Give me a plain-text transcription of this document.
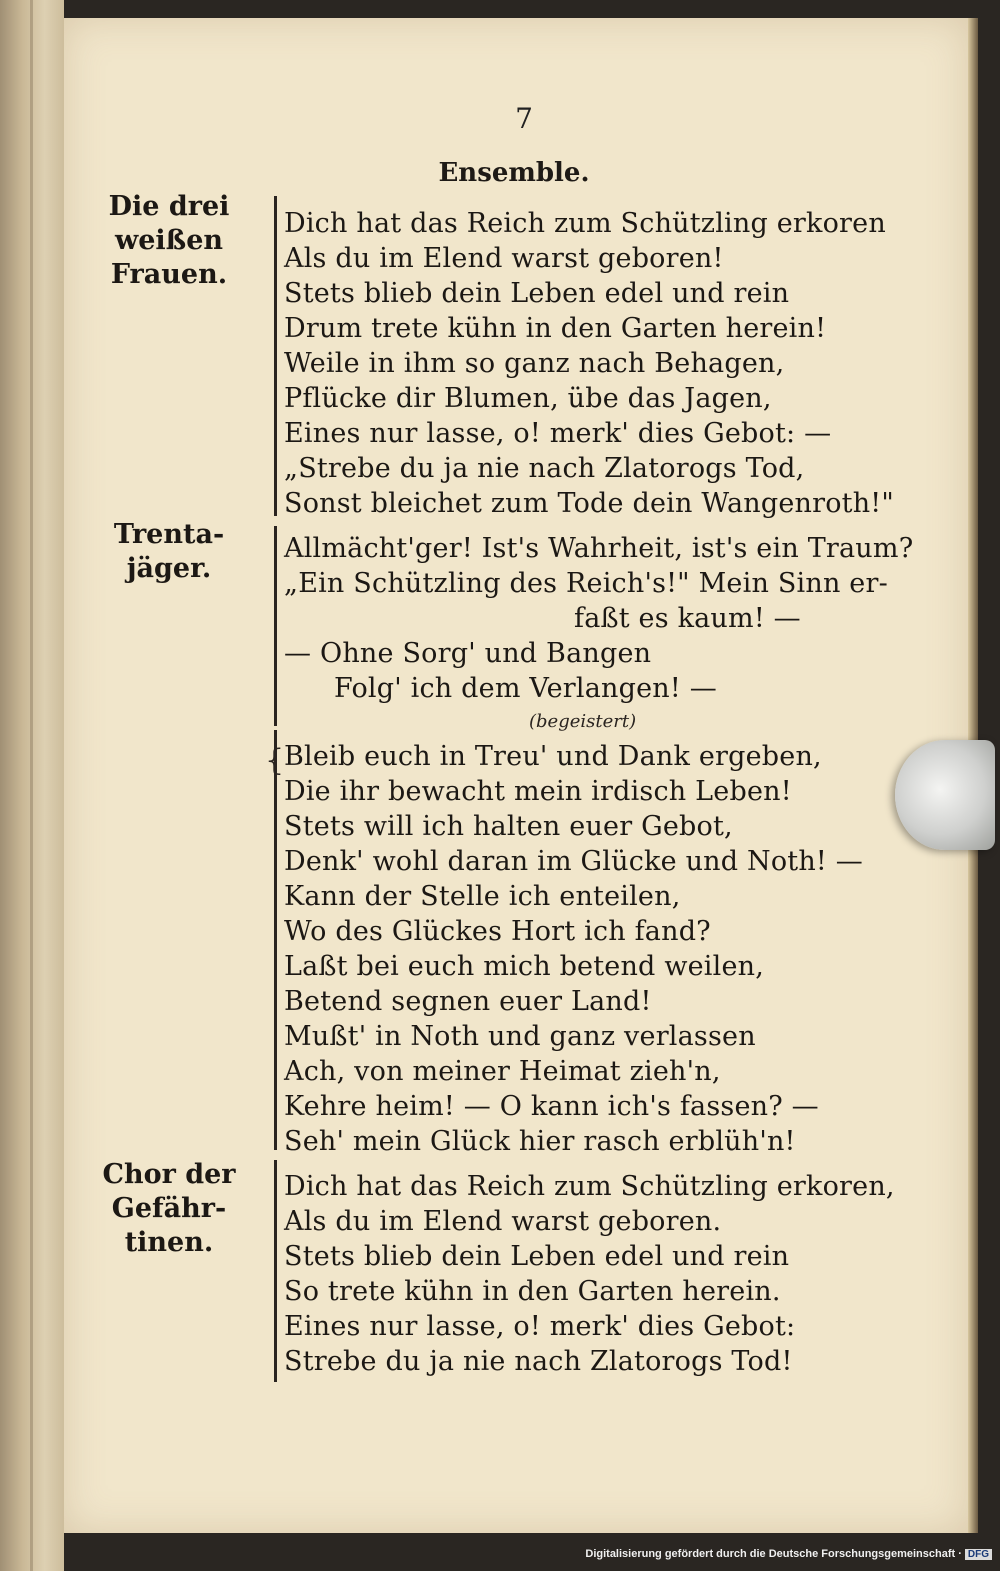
7
Ensemble.
Die drei
weißen
Frauen.
Trenta-
jäger.
Chor der
Gefähr-
tinen.
{
Dich hat das Reich zum Schützling erkoren
Als du im Elend warst geboren!
Stets blieb dein Leben edel und rein
Drum trete kühn in den Garten herein!
Weile in ihm so ganz nach Behagen,
Pflücke dir Blumen, übe das Jagen,
Eines nur lasse, o! merk' dies Gebot: —
„Strebe du ja nie nach Zlatorogs Tod,
Sonst bleichet zum Tode dein Wangenroth!"
Allmächt'ger! Ist's Wahrheit, ist's ein Traum?
„Ein Schützling des Reich's!" Mein Sinn er-
faßt es kaum! —
— Ohne Sorg' und Bangen
Folg' ich dem Verlangen! —
(begeistert)
Bleib euch in Treu' und Dank ergeben,
Die ihr bewacht mein irdisch Leben!
Stets will ich halten euer Gebot,
Denk' wohl daran im Glücke und Noth! —
Kann der Stelle ich enteilen,
Wo des Glückes Hort ich fand?
Laßt bei euch mich betend weilen,
Betend segnen euer Land!
Mußt' in Noth und ganz verlassen
Ach, von meiner Heimat zieh'n,
Kehre heim! — O kann ich's fassen? —
Seh' mein Glück hier rasch erblüh'n!
Dich hat das Reich zum Schützling erkoren,
Als du im Elend warst geboren.
Stets blieb dein Leben edel und rein
So trete kühn in den Garten herein.
Eines nur lasse, o! merk' dies Gebot:
Strebe du ja nie nach Zlatorogs Tod!
Digitalisierung gefördert durch die Deutsche Forschungsgemeinschaft · DFG
